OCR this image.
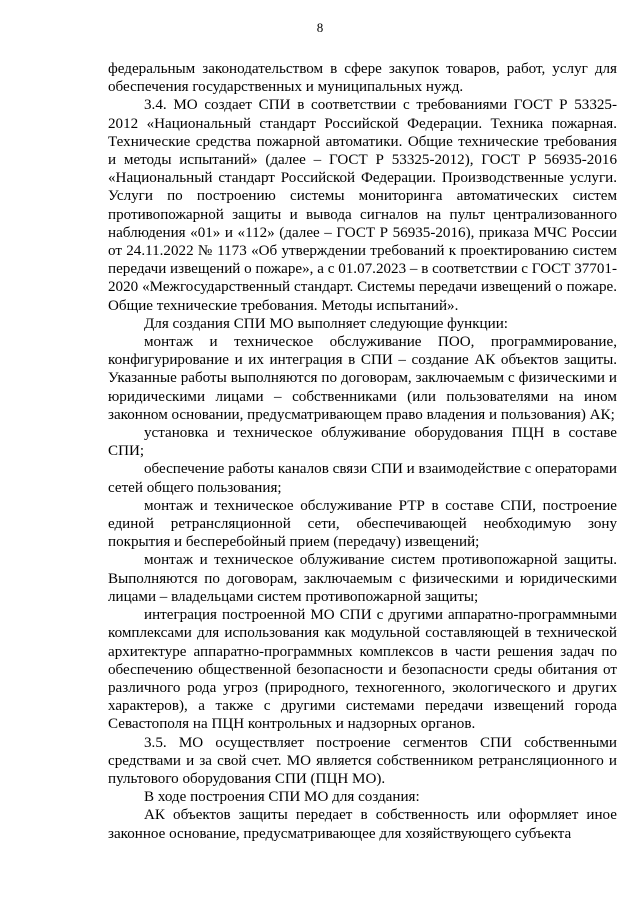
8

федеральным законодательством в сфере закупок товаров, работ, услуг для обеспечения государственных и муниципальных нужд.

3.4. МО создает СПИ в соответствии с требованиями ГОСТ Р 53325-2012 «Национальный стандарт Российской Федерации. Техника пожарная. Технические средства пожарной автоматики. Общие технические требования и методы испытаний» (далее – ГОСТ Р 53325-2012), ГОСТ Р 56935-2016 «Национальный стандарт Российской Федерации. Производственные услуги. Услуги по построению системы мониторинга автоматических систем противопожарной защиты и вывода сигналов на пульт централизованного наблюдения «01» и «112» (далее – ГОСТ Р 56935-2016), приказа МЧС России от 24.11.2022 № 1173 «Об утверждении требований к проектированию систем передачи извещений о пожаре», а с 01.07.2023 – в соответствии с ГОСТ 37701-2020 «Межгосударственный стандарт. Системы передачи извещений о пожаре. Общие технические требования. Методы испытаний».

Для создания СПИ МО выполняет следующие функции:

монтаж и техническое обслуживание ПОО, программирование, конфигурирование и их интеграция в СПИ – создание АК объектов защиты. Указанные работы выполняются по договорам, заключаемым с физическими и юридическими лицами – собственниками (или пользователями на ином законном основании, предусматривающем право владения и пользования) АК;

установка и техническое облуживание оборудования ПЦН в составе СПИ;

обеспечение работы каналов связи СПИ и взаимодействие с операторами сетей общего пользования;

монтаж и техническое обслуживание РТР в составе СПИ, построение единой ретрансляционной сети, обеспечивающей необходимую зону покрытия и бесперебойный прием (передачу) извещений;

монтаж и техническое облуживание систем противопожарной защиты. Выполняются по договорам, заключаемым с физическими и юридическими лицами – владельцами систем противопожарной защиты;

интеграция построенной МО СПИ с другими аппаратно-программными комплексами для использования как модульной составляющей в технической архитектуре аппаратно-программных комплексов в части решения задач по обеспечению общественной безопасности и безопасности среды обитания от различного рода угроз (природного, техногенного, экологического и других характеров), а также с другими системами передачи извещений города Севастополя на ПЦН контрольных и надзорных органов.

3.5. МО осуществляет построение сегментов СПИ собственными средствами и за свой счет. МО является собственником ретрансляционного и пультового оборудования СПИ (ПЦН МО).

В ходе построения СПИ МО для создания:

АК объектов защиты передает в собственность или оформляет иное законное основание, предусматривающее для хозяйствующего субъекта
